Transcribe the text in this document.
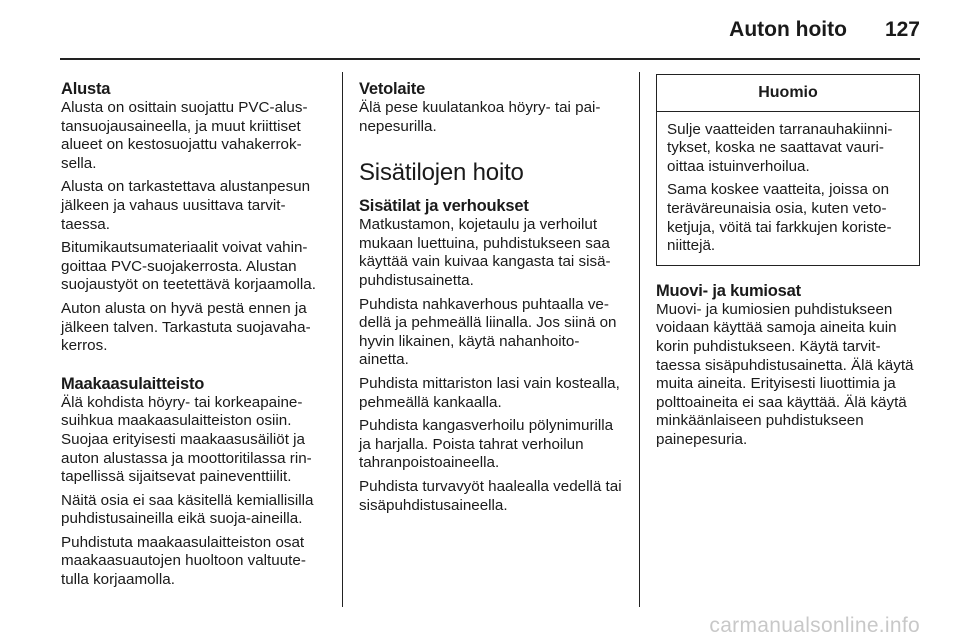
Auton hoito 127
Alusta

Alusta on osittain suojattu PVC-alustansuojausaineella, ja muut kriittiset alueet on kestosuojattu vahakerroksella.

Alusta on tarkastettava alustanpesun jälkeen ja vahaus uusittava tarvittaessa.

Bitumikautsumateriaalit voivat vahingoittaa PVC-suojakerrosta. Alustan suojaustyöt on teetettävä korjaamolla.

Auton alusta on hyvä pestä ennen ja jälkeen talven. Tarkastuta suojavahakerros.

Maakaasulaitteisto

Älä kohdista höyry- tai korkeapainesuihkua maakaasulaitteiston osiin. Suojaa erityisesti maakaasusäiliöt ja auton alustassa ja moottoritilassa rintapellissä sijaitsevat paineventtiilit.

Näitä osia ei saa käsitellä kemiallisilla puhdistusaineilla eikä suoja-aineilla.

Puhdistuta maakaasulaitteiston osat maakaasuautojen huoltoon valtuutetulla korjaamolla.

Vetolaite

Älä pese kuulatankoa höyry- tai painepesurilla.

Sisätilojen hoito
Sisätilat ja verhoukset

Matkustamon, kojetaulu ja verhoilut mukaan luettuina, puhdistukseen saa käyttää vain kuivaa kangasta tai sisäpuhdistusainetta.

Puhdista nahkaverhous puhtaalla vedellä ja pehmeällä liinalla. Jos siinä on hyvin likainen, käytä nahanhoitoainetta.

Puhdista mittariston lasi vain kostealla, pehmeällä kankaalla.

Puhdista kangasverhoilu pölynimurilla ja harjalla. Poista tahrat verhoilun tahranpoistoaineella.

Puhdista turvavyöt haalealla vedellä tai sisäpuhdistusaineella.

Huomio

Sulje vaatteiden tarranauhakiinnitykset, koska ne saattavat vaurioittaa istuinverhoilua.

Sama koskee vaatteita, joissa on teräväreunaisia osia, kuten vetoketjuja, vöitä tai farkkujen koristeniittejä.

Muovi- ja kumiosat

Muovi- ja kumiosien puhdistukseen voidaan käyttää samoja aineita kuin korin puhdistukseen. Käytä tarvittaessa sisäpuhdistusainetta. Älä käytä muita aineita. Erityisesti liuottimia ja polttoaineita ei saa käyttää. Älä käytä minkäänlaiseen puhdistukseen painepesuria.

carmanualsonline.info
